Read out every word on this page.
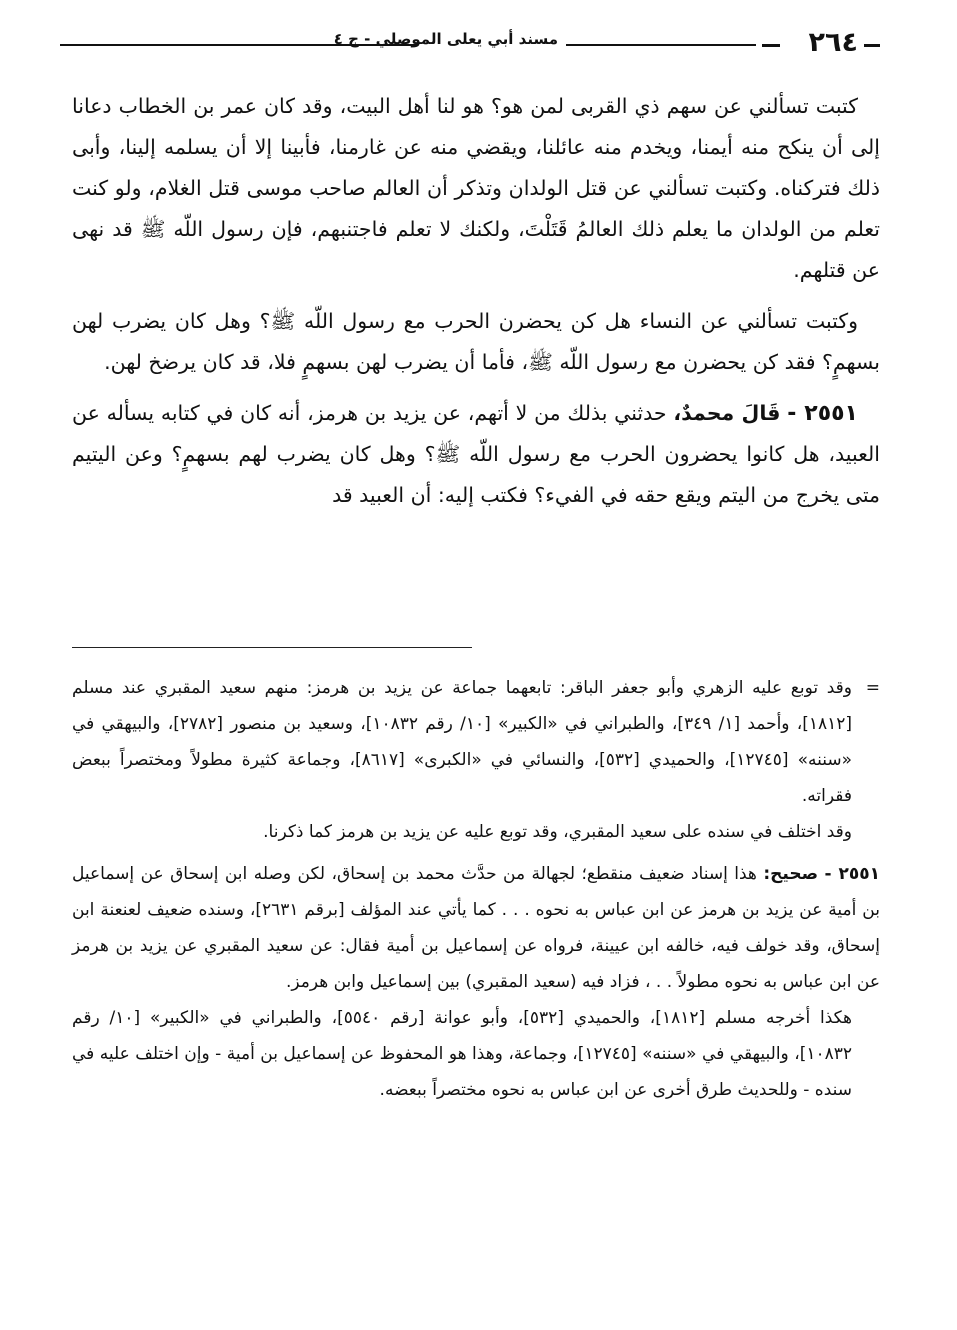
٢٦٤
مسند أبي يعلى الموصلي - ج ٤

كتبت تسألني عن سهم ذي القربى لمن هو؟ هو لنا أهل البيت، وقد كان عمر بن الخطاب دعانا إلى أن ينكح منه أيمنا، ويخدم منه عائلنا، ويقضي منه عن غارمنا، فأبينا إلا أن يسلمه إلينا، وأبى ذلك فتركناه. وكتبت تسألني عن قتل الولدان وتذكر أن العالم صاحب موسى قتل الغلام، ولو كنت تعلم من الولدان ما يعلم ذلك العالمُ قَتَلْتَ، ولكنك لا تعلم فاجتنبهم، فإن رسول اللّه ﷺ قد نهى عن قتلهم.

وكتبت تسألني عن النساء هل كن يحضرن الحرب مع رسول اللّه ﷺ؟ وهل كان يضرب لهن بسهمٍ؟ فقد كن يحضرن مع رسول اللّه ﷺ، فأما أن يضرب لهن بسهمٍ فلا، قد كان يرضخ لهن.

٢٥٥١ - قَالَ محمدٌ، حدثني بذلك من لا أتهم، عن يزيد بن هرمز، أنه كان في كتابه يسأله عن العبيد، هل كانوا يحضرون الحرب مع رسول اللّه ﷺ؟ وهل كان يضرب لهم بسهمٍ؟ وعن اليتيم متى يخرج من اليتم ويقع حقه في الفيء؟ فكتب إليه: أن العبيد قد

=
وقد توبع عليه الزهري وأبو جعفر الباقر: تابعهما جماعة عن يزيد بن هرمز: منهم سعيد المقبري عند مسلم [١٨١٢]، وأحمد [١/ ٣٤٩]، والطبراني في «الكبير» [١٠/ رقم ١٠٨٣٢]، وسعيد بن منصور [٢٧٨٢]، والبيهقي في «سننه» [١٢٧٤٥]، والحميدي [٥٣٢]، والنسائي في «الكبرى» [٨٦١٧]، وجماعة كثيرة مطولاً ومختصراً ببعض فقراته.

وقد اختلف في سنده على سعيد المقبري، وقد توبع عليه عن يزيد بن هرمز كما ذكرنا.

٢٥٥١ - صحيح: هذا إسناد ضعيف منقطع؛ لجهالة من حدَّث محمد بن إسحاق، لكن وصله ابن إسحاق عن إسماعيل بن أمية عن يزيد بن هرمز عن ابن عباس به نحوه . . . كما يأتي عند المؤلف [برقم ٢٦٣١]، وسنده ضعيف لعنعنة ابن إسحاق، وقد خولف فيه، خالفه ابن عيينة، فرواه عن إسماعيل بن أمية فقال: عن سعيد المقبري عن يزيد بن هرمز عن ابن عباس به نحوه مطولاً . . ، فزاد فيه (سعيد المقبري) بين إسماعيل وابن هرمز.

هكذا أخرجه مسلم [١٨١٢]، والحميدي [٥٣٢]، وأبو عوانة [رقم ٥٥٤٠]، والطبراني في «الكبير» [١٠/ رقم ١٠٨٣٢]، والبيهقي في «سننه» [١٢٧٤٥]، وجماعة، وهذا هو المحفوظ عن إسماعيل بن أمية - وإن اختلف عليه في سنده - وللحديث طرق أخرى عن ابن عباس به نحوه مختصراً ببعضه.
